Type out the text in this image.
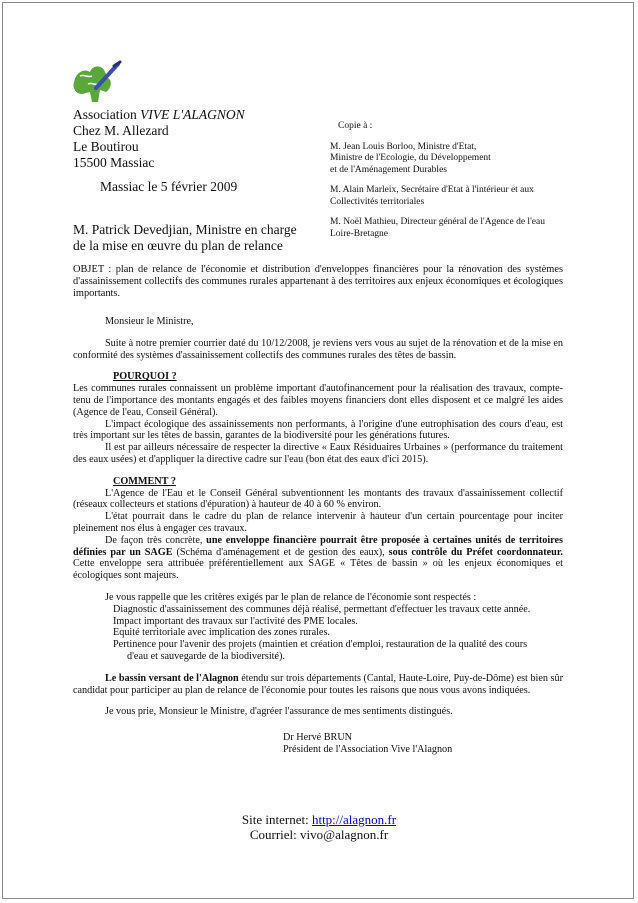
Association VIVE L'ALAGNON
Chez M. Allezard
Le Boutirou
15500 Massiac
Massiac le 5 février 2009
M. Patrick Devedjian, Ministre en charge
de la mise en œuvre du plan de relance
Copie à :
M. Jean Louis Borloo, Ministre d'Etat,
Ministre de l'Ecologie, du Développement
et de l'Aménagement Durables
M. Alain Marleix, Secrétaire d'Etat à l'intérieur et aux
Collectivités territoriales
M. Noël Mathieu, Directeur général de l'Agence de l'eau
Loire-Bretagne
OBJET : plan de relance de l'économie et distribution d'enveloppes financières pour la rénovation des systèmes d'assainissement collectifs des communes rurales appartenant à des territoires aux enjeux économiques et écologiques importants.
Monsieur le Ministre,
Suite à notre premier courrier daté du 10/12/2008, je reviens vers vous au sujet de la rénovation et de la mise en conformité des systèmes d'assainissement collectifs des communes rurales des têtes de bassin.
POURQUOI ?
Les communes rurales connaissent un problème important d'autofinancement pour la réalisation des travaux, compte-tenu de l'importance des montants engagés et des faibles moyens financiers dont elles disposent et ce malgré les aides (Agence de l'eau, Conseil Général).
L'impact écologique des assainissements non performants, à l'origine d'une eutrophisation des cours d'eau, est très important sur les têtes de bassin, garantes de la biodiversité pour les générations futures.
Il est par ailleurs nécessaire de respecter la directive « Eaux Résiduaires Urbaines » (performance du traitement des eaux usées) et d'appliquer la directive cadre sur l'eau (bon état des eaux d'ici 2015).
COMMENT ?
L'Agence de l'Eau et le Conseil Général subventionnent les montants des travaux d'assainissement collectif (réseaux collecteurs et stations d'épuration) à hauteur de 40 à 60 % environ.
L'état pourrait dans le cadre du plan de relance intervenir à hauteur d'un certain pourcentage pour inciter pleinement nos élus à engager ces travaux.
De façon très concrète, une enveloppe financière pourrait être proposée à certaines unités de territoires définies par un SAGE (Schéma d'aménagement et de gestion des eaux), sous contrôle du Préfet coordonnateur. Cette enveloppe sera attribuée préférentiellement aux SAGE « Têtes de bassin » où les enjeux économiques et écologiques sont majeurs.
Je vous rappelle que les critères exigés par le plan de relance de l'économie sont respectés :
Diagnostic d'assainissement des communes déjà réalisé, permettant d'effectuer les travaux cette année.
Impact important des travaux sur l'activité des PME locales.
Equité territoriale avec implication des zones rurales.
Pertinence pour l'avenir des projets (maintien et création d'emploi, restauration de la qualité des cours
d'eau et sauvegarde de la biodiversité).
Le bassin versant de l'Alagnon étendu sur trois départements (Cantal, Haute-Loire, Puy-de-Dôme) est bien sûr candidat pour participer au plan de relance de l'économie pour toutes les raisons que nous vous avons indiquées.
Je vous prie, Monsieur le Ministre, d'agréer l'assurance de mes sentiments distingués.
Dr Hervé BRUN
Président de l'Association Vive l'Alagnon
Site internet: http://alagnon.fr
Courriel: vivo@alagnon.fr
